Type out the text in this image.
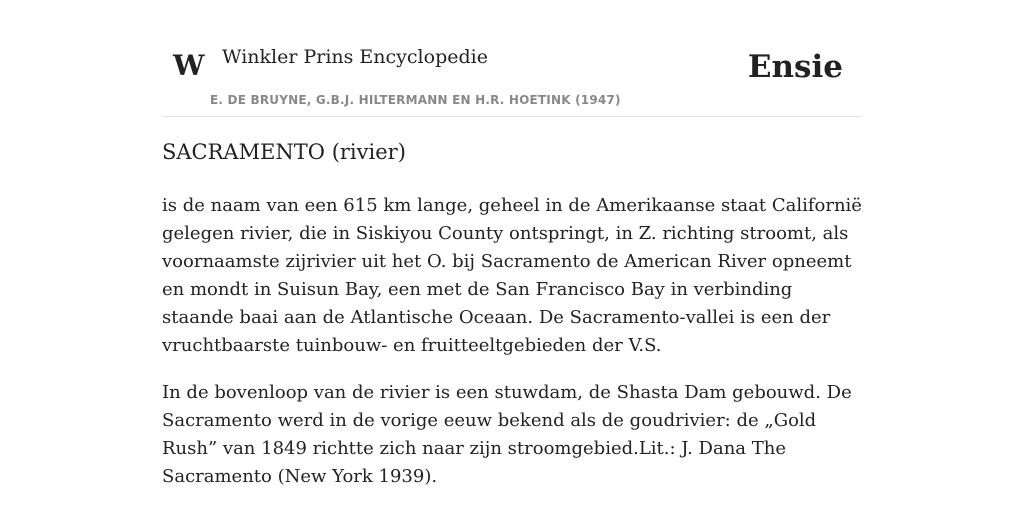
W Winkler Prins Encyclopedie
E. DE BRUYNE, G.B.J. HILTERMANN EN H.R. HOETINK (1947)
Ensie
SACRAMENTO (rivier)

is de naam van een 615 km lange, geheel in de Amerikaanse staat Californië gelegen rivier, die in Siskiyou County ontspringt, in Z. richting stroomt, als voornaamste zijrivier uit het O. bij Sacramento de American River opneemt en mondt in Suisun Bay, een met de San Francisco Bay in verbinding staande baai aan de Atlantische Oceaan. De Sacramento-vallei is een der vruchtbaarste tuinbouw- en fruitteeltgebieden der V.S.

In de bovenloop van de rivier is een stuwdam, de Shasta Dam gebouwd. De Sacramento werd in de vorige eeuw bekend als de goudrivier: de „Gold Rush” van 1849 richtte zich naar zijn stroomgebied.Lit.: J. Dana The Sacramento (New York 1939).
